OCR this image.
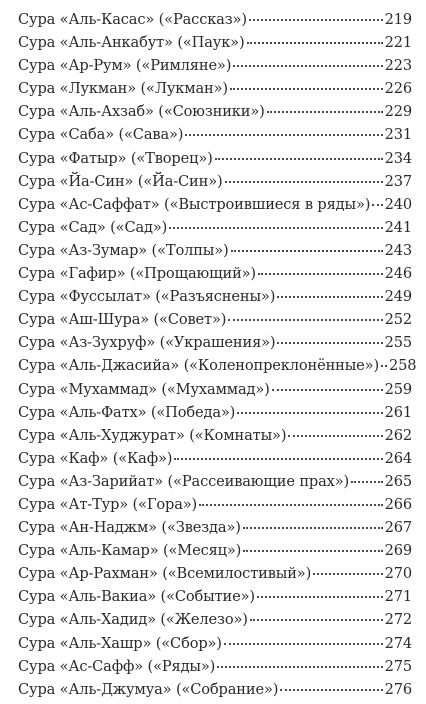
Сура «Аль-Касас» («Рассказ»)	219
Сура «Аль-Анкабут» («Паук»)	221
Сура «Ар-Рум» («Римляне»)	223
Сура «Лукман» («Лукман»)	226
Сура «Аль-Ахзаб» («Союзники»)	229
Сура «Саба» («Сава»)	231
Сура «Фатыр» («Творец»)	234
Сура «Йа-Син» («Йа-Син»)	237
Сура «Ас-Саффат» («Выстроившиеся в ряды») 240
Сура «Сад» («Сад»)	241
Сура «Аз-Зумар» («Толпы»)	243
Сура «Гафир» («Прощающий»)	246
Сура «Фуссылат» («Разъяснены»)	249
Сура «Аш-Шура» («Совет»)	252
Сура «Аз-Зухруф» («Украшения»)	255
Сура «Аль-Джасийа» («Коленопреклонённые») 258
Сура «Мухаммад» («Мухаммад»)	259
Сура «Аль-Фатх» («Победа»)	261
Сура «Аль-Худжурат» («Комнаты»)	262
Сура «Каф» («Каф»)	264
Сура «Аз-Зарийат» («Рассеивающие прах») 265
Сура «Ат-Тур» («Гора»)	266
Сура «Ан-Наджм» («Звезда»)	267
Сура «Аль-Камар» («Месяц»)	269
Сура «Ар-Рахман» («Всемилостивый»)	270
Сура «Аль-Вакиа» («Событие»)	271
Сура «Аль-Хадид» («Железо»)	272
Сура «Аль-Хашр» («Сбор»)	274
Сура «Ас-Сафф» («Ряды»)	275
Сура «Аль-Джумуа» («Собрание»)	276
